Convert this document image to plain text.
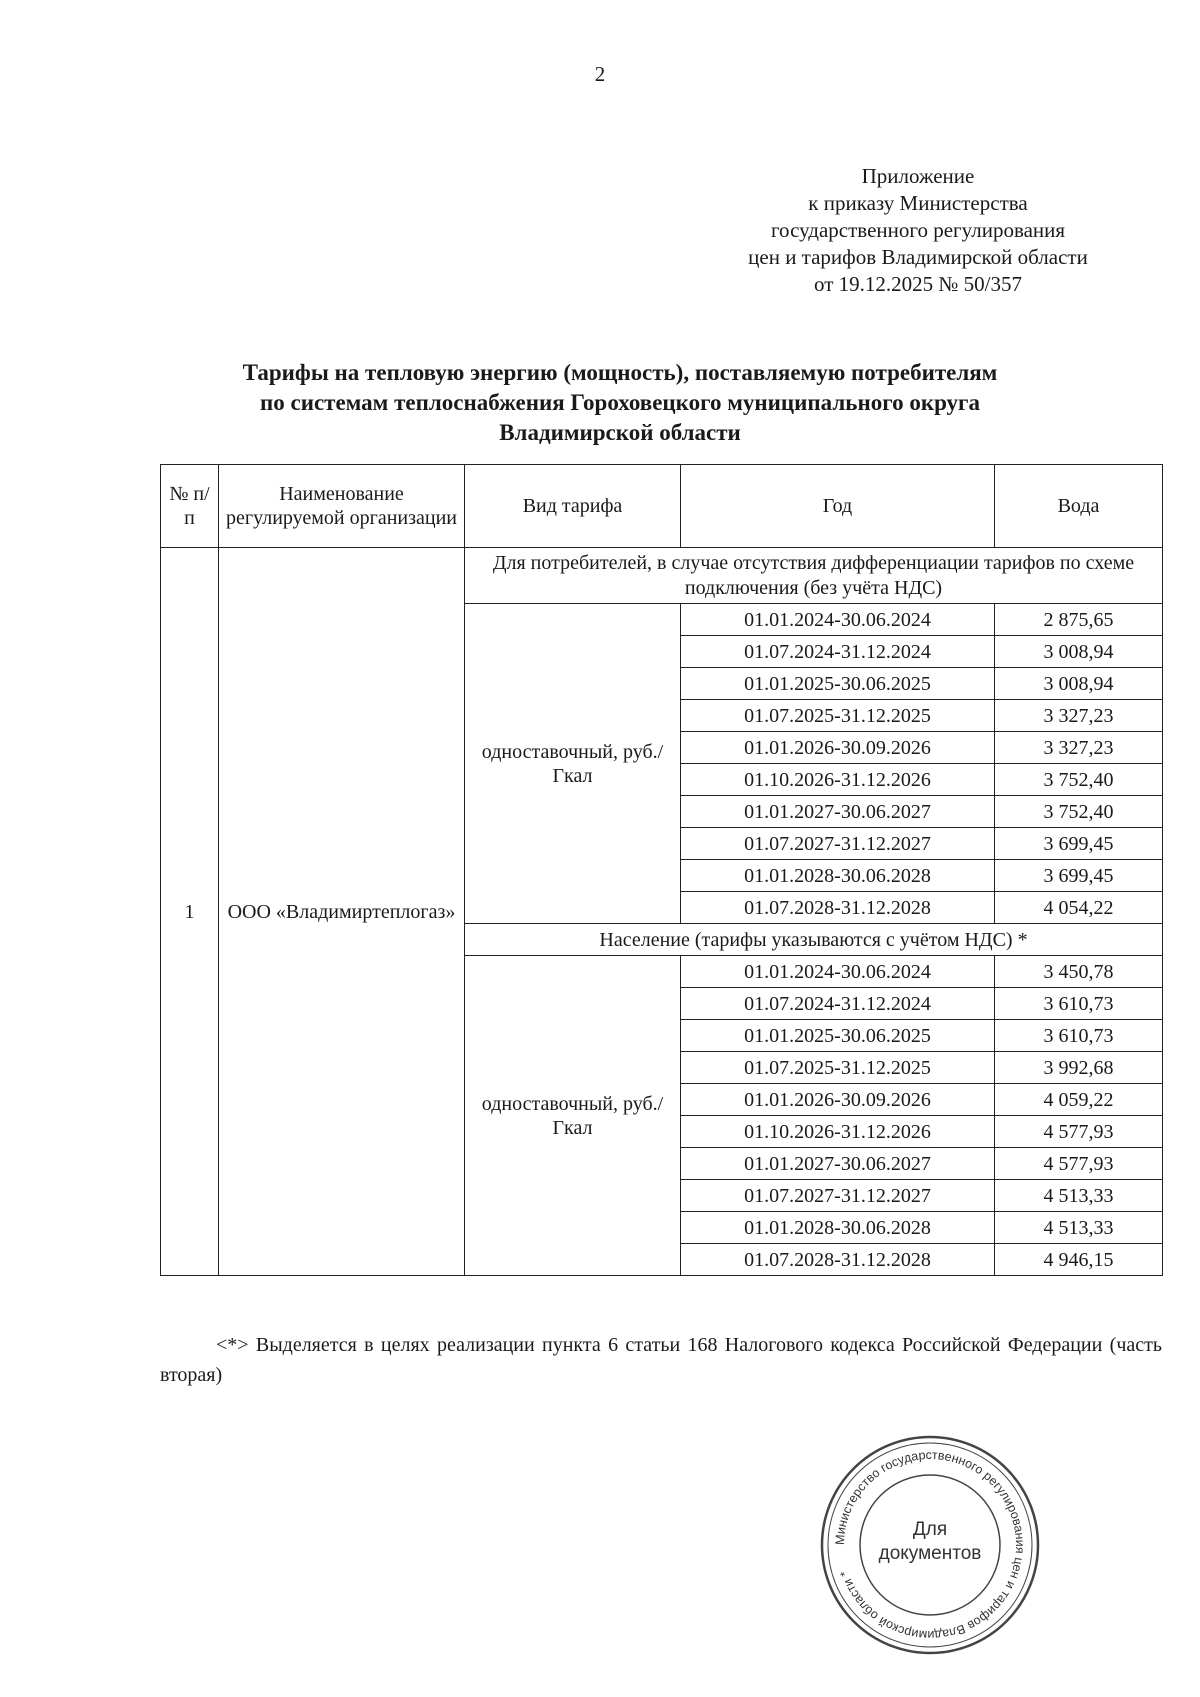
2
Приложение
к приказу Министерства
государственного регулирования
цен и тарифов Владимирской области
от 19.12.2025 № 50/357
Тарифы на тепловую энергию (мощность), поставляемую потребителям
по системам теплоснабжения Гороховецкого муниципального округа
Владимирской области
№ п/п	Наименование регулируемой организации	Вид тарифа	Год	Вода
1	ООО «Владимиртеплогаз»	Для потребителей, в случае отсутствия дифференциации тарифов по схеме подключения (без учёта НДС)		
		одноставочный, руб./Гкал	01.01.2024-30.06.2024	2 875,65
			01.07.2024-31.12.2024	3 008,94
			01.01.2025-30.06.2025	3 008,94
			01.07.2025-31.12.2025	3 327,23
			01.01.2026-30.09.2026	3 327,23
			01.10.2026-31.12.2026	3 752,40
			01.01.2027-30.06.2027	3 752,40
			01.07.2027-31.12.2027	3 699,45
			01.01.2028-30.06.2028	3 699,45
			01.07.2028-31.12.2028	4 054,22
		Население (тарифы указываются с учётом НДС) *		
		одноставочный, руб./Гкал	01.01.2024-30.06.2024	3 450,78
			01.07.2024-31.12.2024	3 610,73
			01.01.2025-30.06.2025	3 610,73
			01.07.2025-31.12.2025	3 992,68
			01.01.2026-30.09.2026	4 059,22
			01.10.2026-31.12.2026	4 577,93
			01.01.2027-30.06.2027	4 577,93
			01.07.2027-31.12.2027	4 513,33
			01.01.2028-30.06.2028	4 513,33
			01.07.2028-31.12.2028	4 946,15
<*> Выделяется в целях реализации пункта 6 статьи 168 Налогового кодекса Российской Федерации (часть вторая)
Министерство государственного регулирования цен и тарифов Владимирской области *
Для
документов
